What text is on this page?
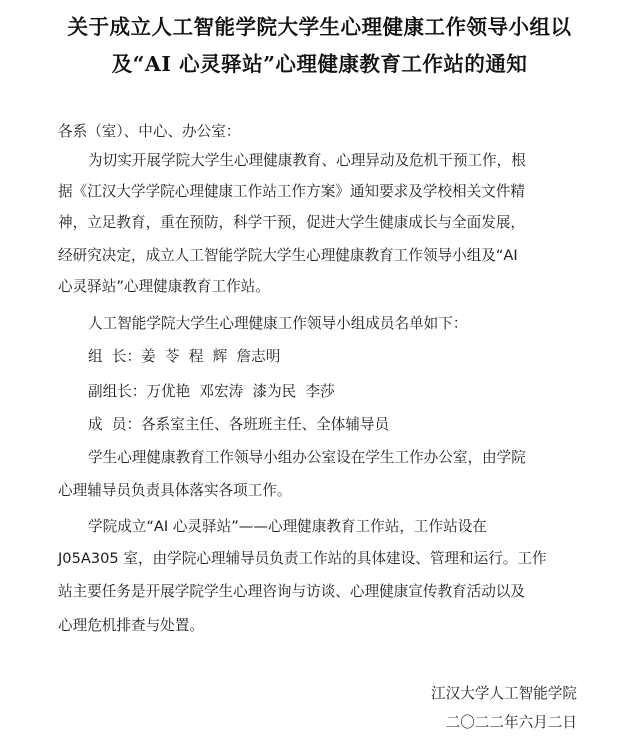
关于成立人工智能学院大学生心理健康工作领导小组以
及“AI 心灵驿站”心理健康教育工作站的通知
各系（室）、中心、办公室：
为切实开展学院大学生心理健康教育、心理异动及危机干预工作，根
据《江汉大学学院心理健康工作站工作方案》通知要求及学校相关文件精
神，立足教育，重在预防，科学干预，促进大学生健康成长与全面发展，
经研究决定，成立人工智能学院大学生心理健康教育工作领导小组及“AI
心灵驿站”心理健康教育工作站。
人工智能学院大学生心理健康工作领导小组成员名单如下：
组  长：姜  苓  程  辉  詹志明
副组长：万优艳  邓宏涛  漆为民  李莎
成  员：各系室主任、各班班主任、全体辅导员
学生心理健康教育工作领导小组办公室设在学生工作办公室，由学院
心理辅导员负责具体落实各项工作。
学院成立“AI 心灵驿站”——心理健康教育工作站，工作站设在
J05A305 室，由学院心理辅导员负责工作站的具体建设、管理和运行。工作
站主要任务是开展学院学生心理咨询与访谈、心理健康宣传教育活动以及
心理危机排查与处置。
江汉大学人工智能学院
二〇二二年六月二日
